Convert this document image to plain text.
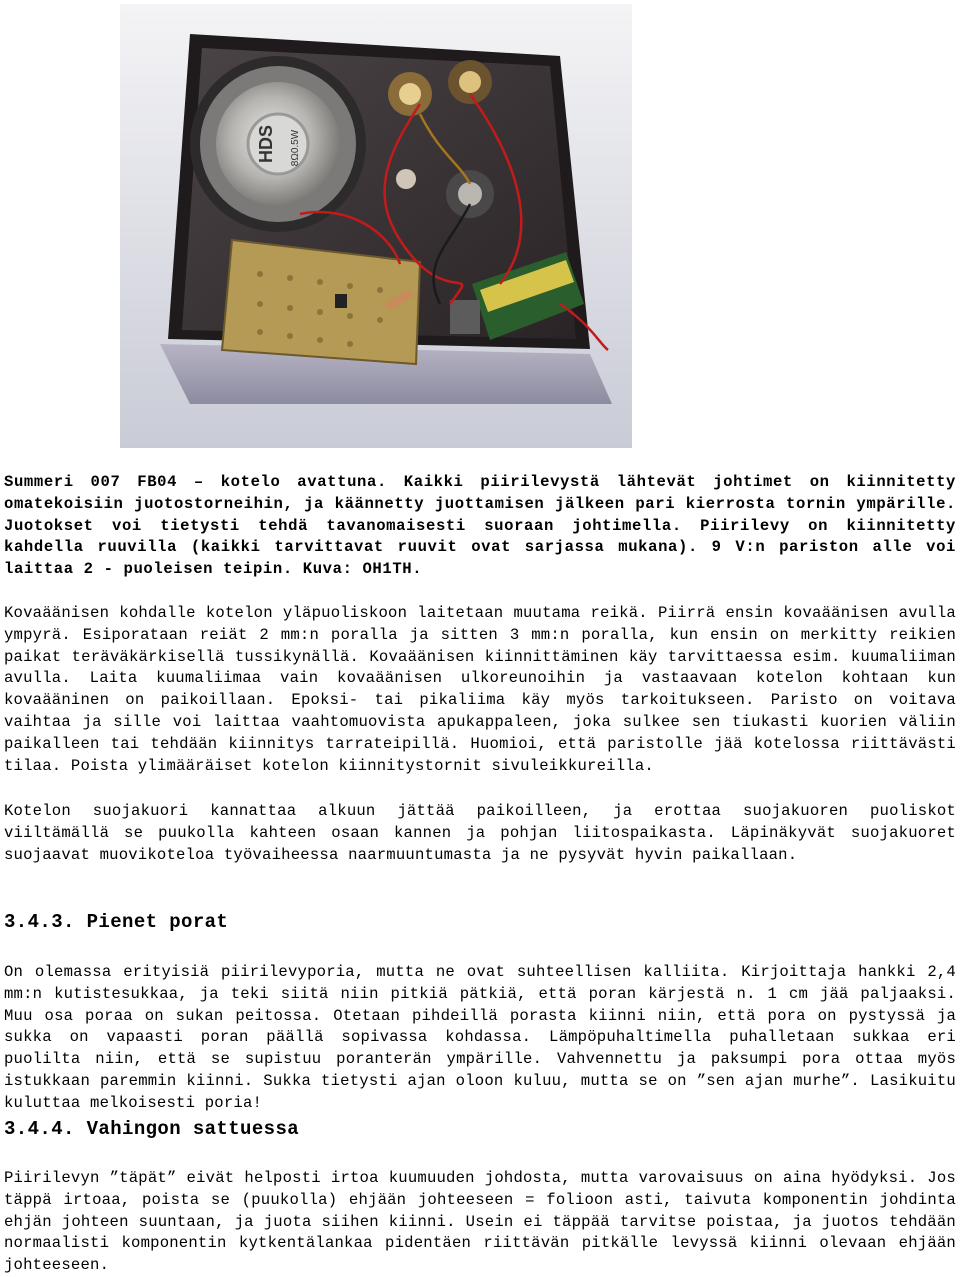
HDS 8Ω0.5W

Summeri 007 FB04 – kotelo avattuna. Kaikki piirilevystä lähtevät johtimet on kiinnitetty omatekoisiin juotostorneihin, ja käännetty juottamisen jälkeen pari kierrosta tornin ympärille. Juotokset voi tietysti tehdä tavanomaisesti suoraan johtimella. Piirilevy on kiinnitetty kahdella ruuvilla (kaikki tarvittavat ruuvit ovat sarjassa mukana). 9 V:n pariston alle voi laittaa 2 - puoleisen teipin. Kuva: OH1TH.

Kovaäänisen kohdalle kotelon yläpuoliskoon laitetaan muutama reikä. Piirrä ensin kovaäänisen avulla ympyrä. Esiporataan reiät 2 mm:n poralla ja sitten 3 mm:n poralla, kun ensin on merkitty reikien paikat teräväkärkisellä tussikynällä. Kovaäänisen kiinnittäminen käy tarvittaessa esim. kuumaliiman avulla. Laita kuumaliimaa vain kovaäänisen ulkoreunoihin ja vastaavaan kotelon kohtaan kun kovaääninen on paikoillaan. Epoksi- tai pikaliima käy myös tarkoitukseen. Paristo on voitava vaihtaa ja sille voi laittaa vaahtomuovista apukappaleen, joka sulkee sen tiukasti kuorien väliin paikalleen tai tehdään kiinnitys tarrateipillä. Huomioi, että paristolle jää kotelossa riittävästi tilaa. Poista ylimääräiset kotelon kiinnitystornit sivuleikkureilla.

Kotelon suojakuori kannattaa alkuun jättää paikoilleen, ja erottaa suojakuoren puoliskot viiltämällä se puukolla kahteen osaan kannen ja pohjan liitospaikasta. Läpinäkyvät suojakuoret suojaavat muovikoteloa työvaiheessa naarmuuntumasta ja ne pysyvät hyvin paikallaan.

3.4.3. Pienet porat

On olemassa erityisiä piirilevyporia, mutta ne ovat suhteellisen kalliita. Kirjoittaja hankki 2,4 mm:n kutistesukkaa, ja teki siitä niin pitkiä pätkiä, että poran kärjestä n. 1 cm jää paljaaksi. Muu osa poraa on sukan peitossa. Otetaan pihdeillä porasta kiinni niin, että pora on pystyssä ja sukka on vapaasti poran päällä sopivassa kohdassa. Lämpöpuhaltimella puhalletaan sukkaa eri puolilta niin, että se supistuu poranterän ympärille. Vahvennettu ja paksumpi pora ottaa myös istukkaan paremmin kiinni. Sukka tietysti ajan oloon kuluu, mutta se on ”sen ajan murhe”. Lasikuitu kuluttaa melkoisesti poria!

3.4.4. Vahingon sattuessa

Piirilevyn ”täpät” eivät helposti irtoa kuumuuden johdosta, mutta varovaisuus on aina hyödyksi. Jos täppä irtoaa, poista se (puukolla) ehjään johteeseen = folioon asti, taivuta komponentin johdinta ehjän johteen suuntaan, ja juota siihen kiinni. Usein ei täppää tarvitse poistaa, ja juotos tehdään normaalisti komponentin kytkentälankaa pidentäen riittävän pitkälle levyssä kiinni olevaan ehjään johteeseen.
